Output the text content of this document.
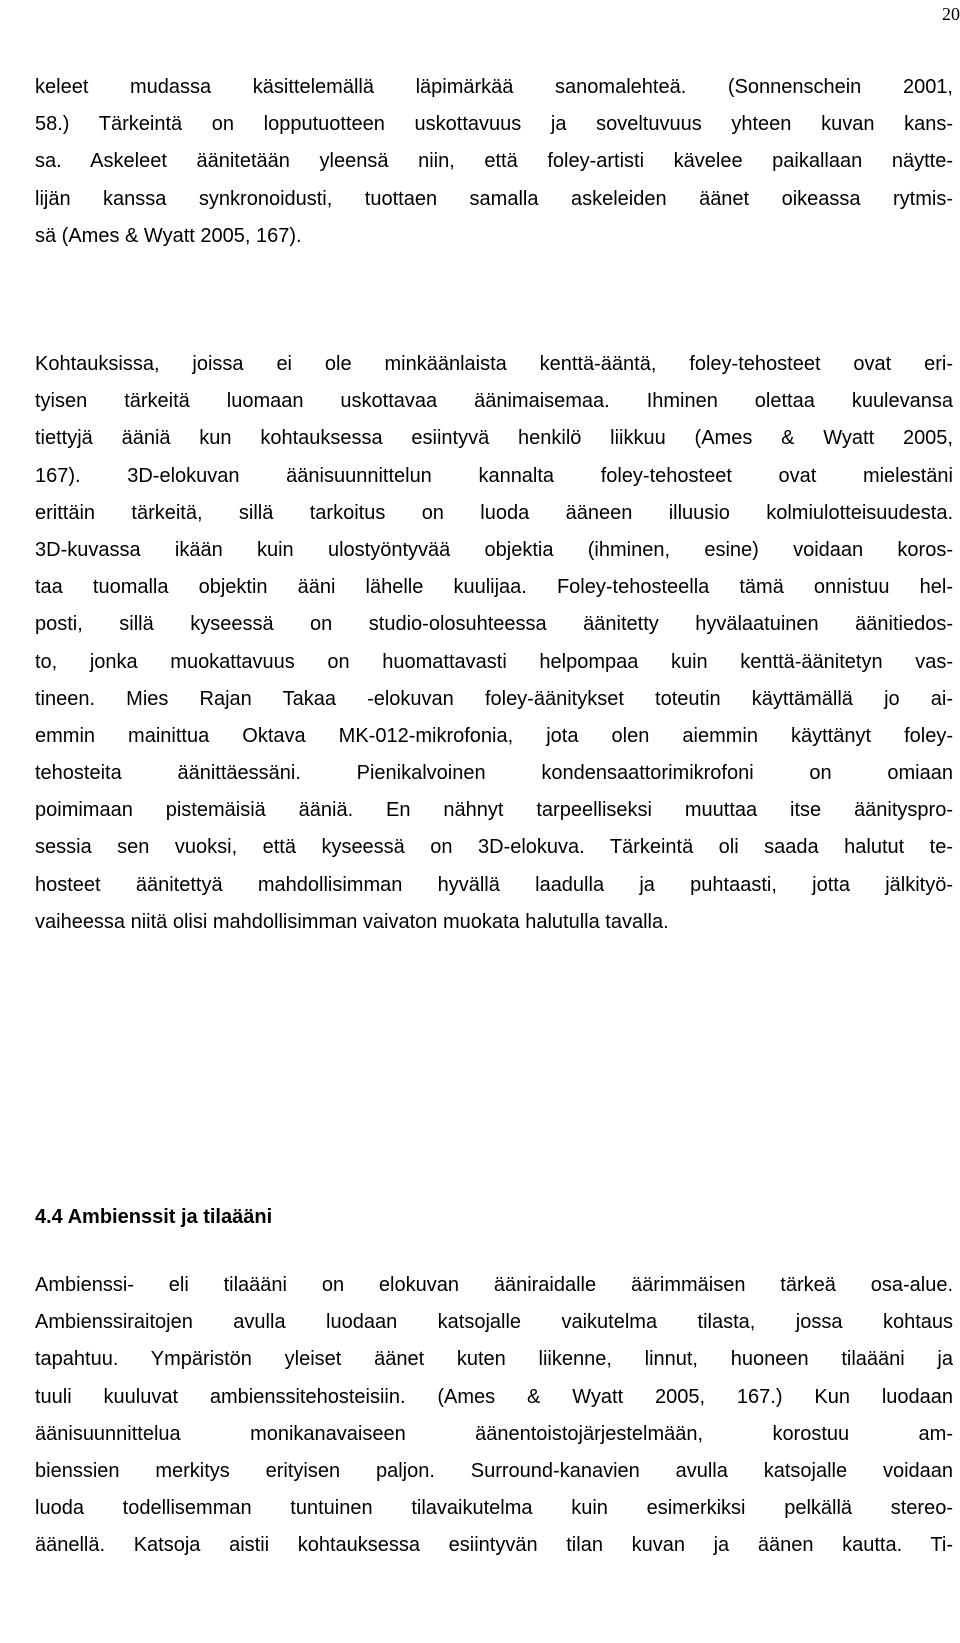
20
keleet mudassa käsittelemällä läpimärkää sanomalehteä. (Sonnenschein 2001,
58.) Tärkeintä on lopputuotteen uskottavuus ja soveltuvuus yhteen kuvan kans-
sa. Askeleet äänitetään yleensä niin, että foley-artisti kävelee paikallaan näytte-
lijän kanssa synkronoidusti, tuottaen samalla askeleiden äänet oikeassa rytmis-
sä (Ames & Wyatt 2005, 167).
Kohtauksissa, joissa ei ole minkäänlaista kenttä-ääntä, foley-tehosteet ovat eri-
tyisen tärkeitä luomaan uskottavaa äänimaisemaa. Ihminen olettaa kuulevansa
tiettyjä ääniä kun kohtauksessa esiintyvä henkilö liikkuu (Ames & Wyatt 2005,
167). 3D-elokuvan äänisuunnittelun kannalta foley-tehosteet ovat mielestäni
erittäin tärkeitä, sillä tarkoitus on luoda ääneen illuusio kolmiulotteisuudesta.
3D-kuvassa ikään kuin ulostyöntyvää objektia (ihminen, esine) voidaan koros-
taa tuomalla objektin ääni lähelle kuulijaa. Foley-tehosteella tämä onnistuu hel-
posti, sillä kyseessä on studio-olosuhteessa äänitetty hyvälaatuinen äänitiedos-
to, jonka muokattavuus on huomattavasti helpompaa kuin kenttä-äänitetyn vas-
tineen. Mies Rajan Takaa -elokuvan foley-äänitykset toteutin käyttämällä jo ai-
emmin mainittua Oktava MK-012-mikrofonia, jota olen aiemmin käyttänyt foley-
tehosteita äänittäessäni. Pienikalvoinen kondensaattorimikrofoni on omiaan
poimimaan pistemäisiä ääniä. En nähnyt tarpeelliseksi muuttaa itse äänityspro-
sessia sen vuoksi, että kyseessä on 3D-elokuva. Tärkeintä oli saada halutut te-
hosteet äänitettyä mahdollisimman hyvällä laadulla ja puhtaasti, jotta jälkityö-
vaiheessa niitä olisi mahdollisimman vaivaton muokata halutulla tavalla.
4.4 Ambienssit ja tilaääni
Ambienssi- eli tilaääni on elokuvan ääniraidalle äärimmäisen tärkeä osa-alue.
Ambienssiraitojen avulla luodaan katsojalle vaikutelma tilasta, jossa kohtaus
tapahtuu. Ympäristön yleiset äänet kuten liikenne, linnut, huoneen tilaääni ja
tuuli kuuluvat ambienssitehosteisiin. (Ames & Wyatt 2005, 167.) Kun luodaan
äänisuunnittelua monikanavaiseen äänentoistojärjestelmään, korostuu am-
bienssien merkitys erityisen paljon. Surround-kanavien avulla katsojalle voidaan
luoda todellisemman tuntuinen tilavaikutelma kuin esimerkiksi pelkällä stereo-
äänellä. Katsoja aistii kohtauksessa esiintyvän tilan kuvan ja äänen kautta. Ti-
